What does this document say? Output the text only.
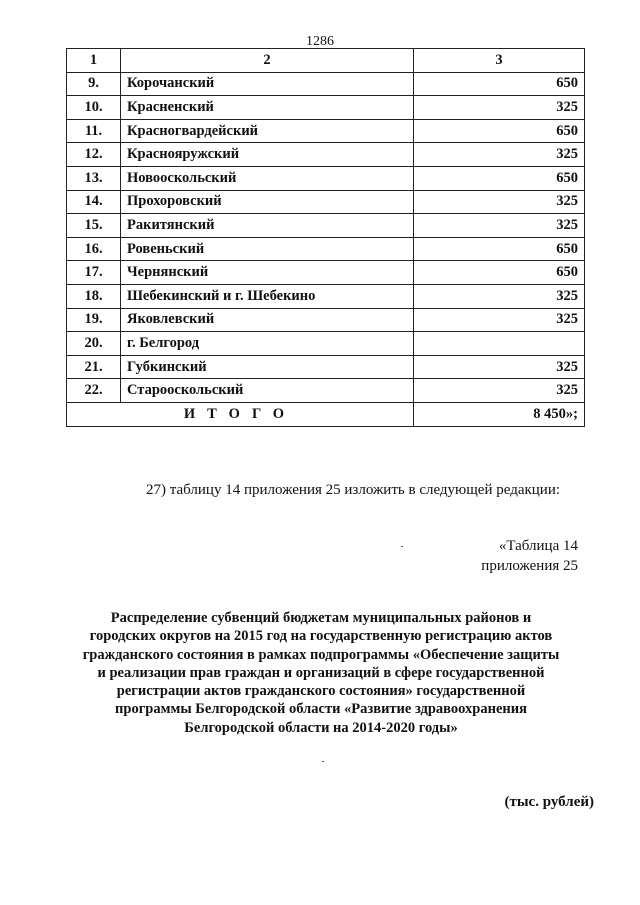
1286
1	2	3
9.	Корочанский	650
10.	Красненский	325
11.	Красногвардейский	650
12.	Краснояружский	325
13.	Новооскольский	650
14.	Прохоровский	325
15.	Ракитянский	325
16.	Ровеньский	650
17.	Чернянский	650
18.	Шебекинский и г. Шебекино	325
19.	Яковлевский	325
20.	г. Белгород	
21.	Губкинский	325
22.	Старооскольский	325
ИТОГО		8 450»;
27) таблицу 14 приложения 25 изложить в следующей редакции:
«Таблица 14
приложения 25
Распределение субвенций бюджетам муниципальных районов и
городских округов на 2015 год на государственную регистрацию актов
гражданского состояния в рамках подпрограммы «Обеспечение защиты
и реализации прав граждан и организаций в сфере государственной
регистрации актов гражданского состояния» государственной
программы Белгородской области «Развитие здравоохранения
Белгородской области на 2014-2020 годы»
(тыс. рублей)
